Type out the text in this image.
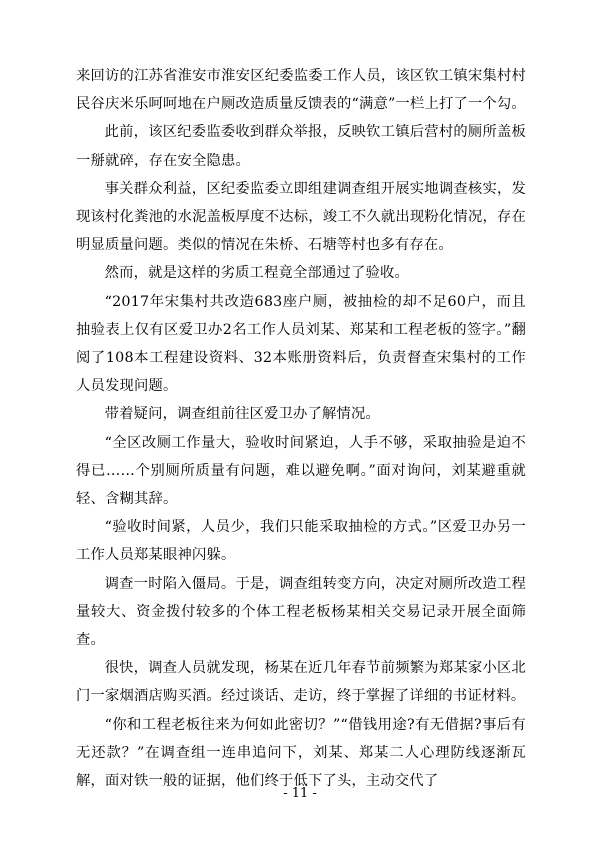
来回访的江苏省淮安市淮安区纪委监委工作人员，该区钦工镇宋集村村民谷庆米乐呵呵地在户厕改造质量反馈表的“满意”一栏上打了一个勾。

此前，该区纪委监委收到群众举报，反映钦工镇后营村的厕所盖板一掰就碎，存在安全隐患。

事关群众利益，区纪委监委立即组建调查组开展实地调查核实，发现该村化粪池的水泥盖板厚度不达标，竣工不久就出现粉化情况，存在明显质量问题。类似的情况在朱桥、石塘等村也多有存在。

然而，就是这样的劣质工程竟全部通过了验收。

“2017年宋集村共改造683座户厕，被抽检的却不足60户，而且抽验表上仅有区爱卫办2名工作人员刘某、郑某和工程老板的签字。”翻阅了108本工程建设资料、32本账册资料后，负责督查宋集村的工作人员发现问题。

带着疑问，调查组前往区爱卫办了解情况。

“全区改厕工作量大，验收时间紧迫，人手不够，采取抽验是迫不得已……个别厕所质量有问题，难以避免啊。”面对询问，刘某避重就轻、含糊其辞。

“验收时间紧，人员少，我们只能采取抽检的方式。”区爱卫办另一工作人员郑某眼神闪躲。

调查一时陷入僵局。于是，调查组转变方向，决定对厕所改造工程量较大、资金拨付较多的个体工程老板杨某相关交易记录开展全面筛查。

很快，调查人员就发现，杨某在近几年春节前频繁为郑某家小区北门一家烟酒店购买酒。经过谈话、走访，终于掌握了详细的书证材料。

“你和工程老板往来为何如此密切？”“借钱用途?有无借据?事后有无还款？”在调查组一连串追问下，刘某、郑某二人心理防线逐渐瓦解，面对铁一般的证据，他们终于低下了头，主动交代了

- 11 -
